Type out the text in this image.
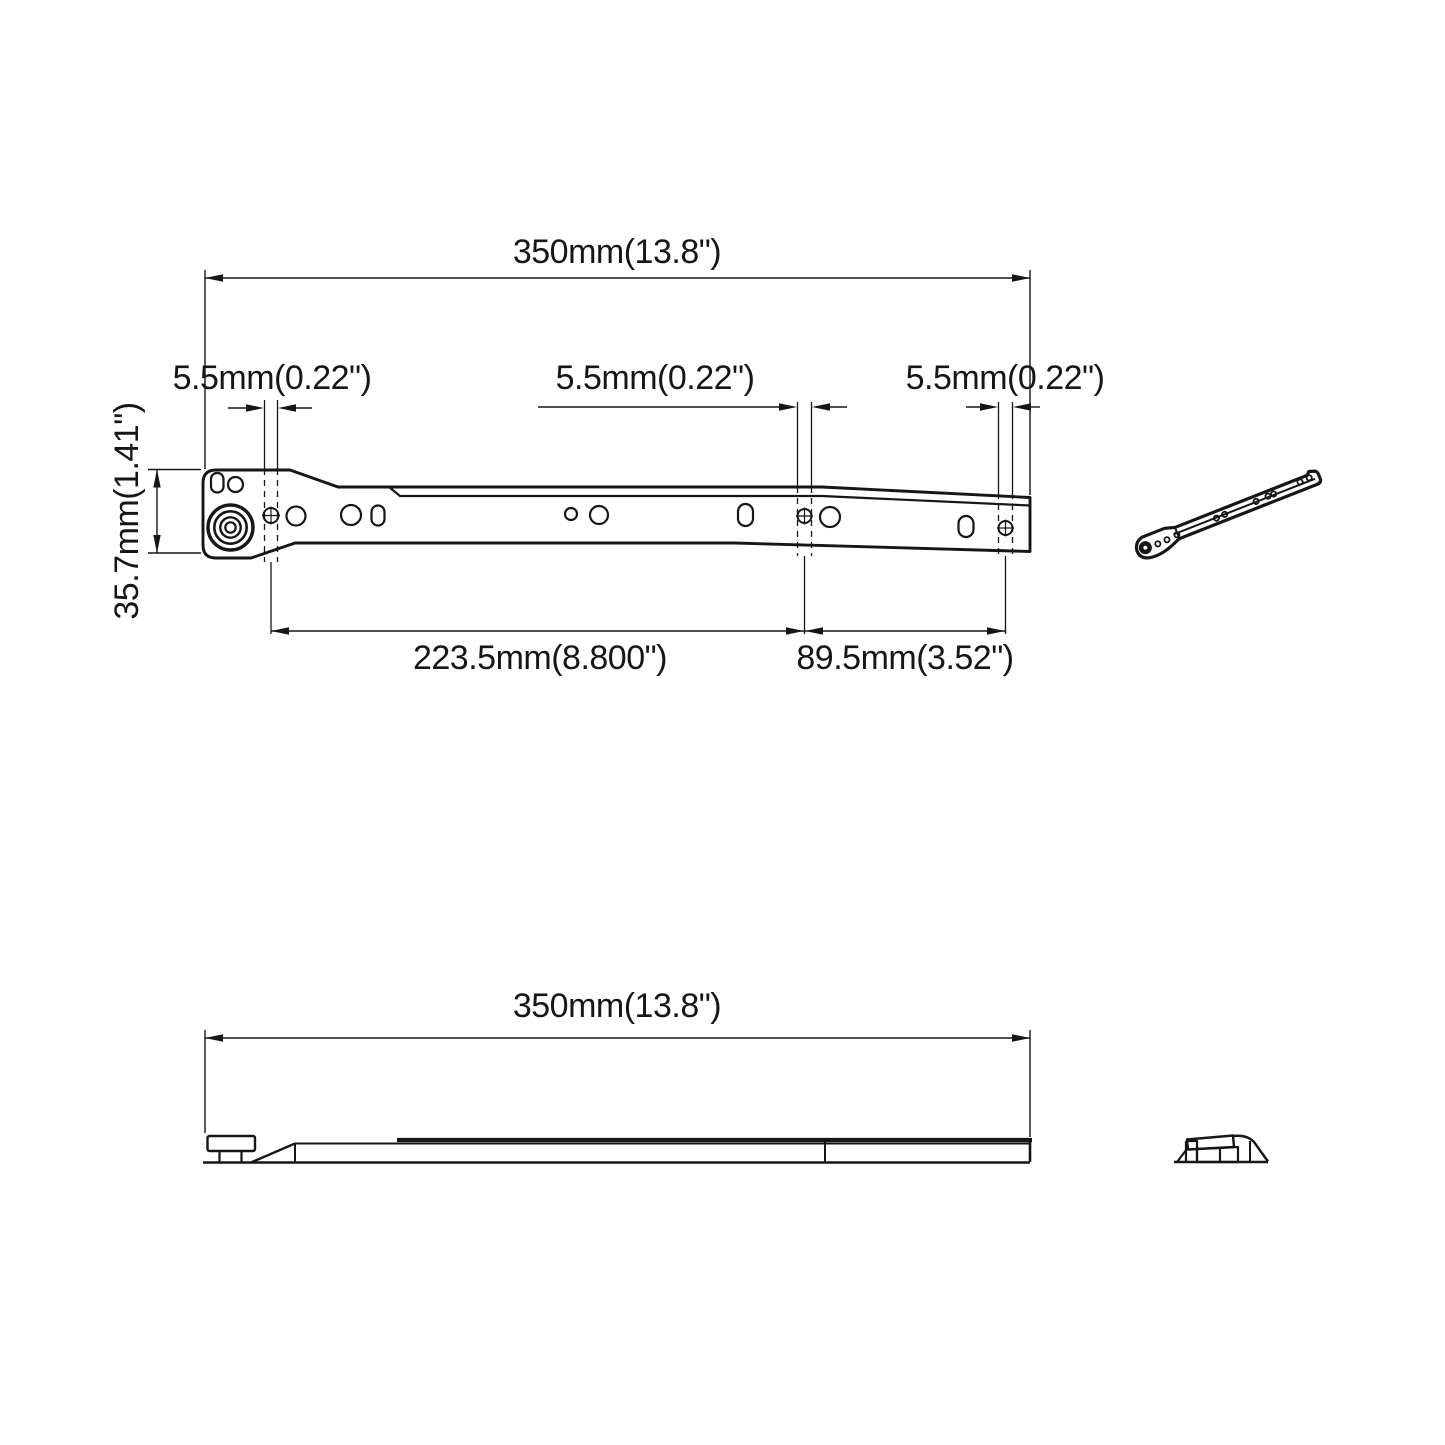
350mm(13.8")
5.5mm(0.22")	5.5mm(0.22")	5.5mm(0.22")
35.7mm(1.41")
223.5mm(8.800")	89.5mm(3.52")
350mm(13.8")
